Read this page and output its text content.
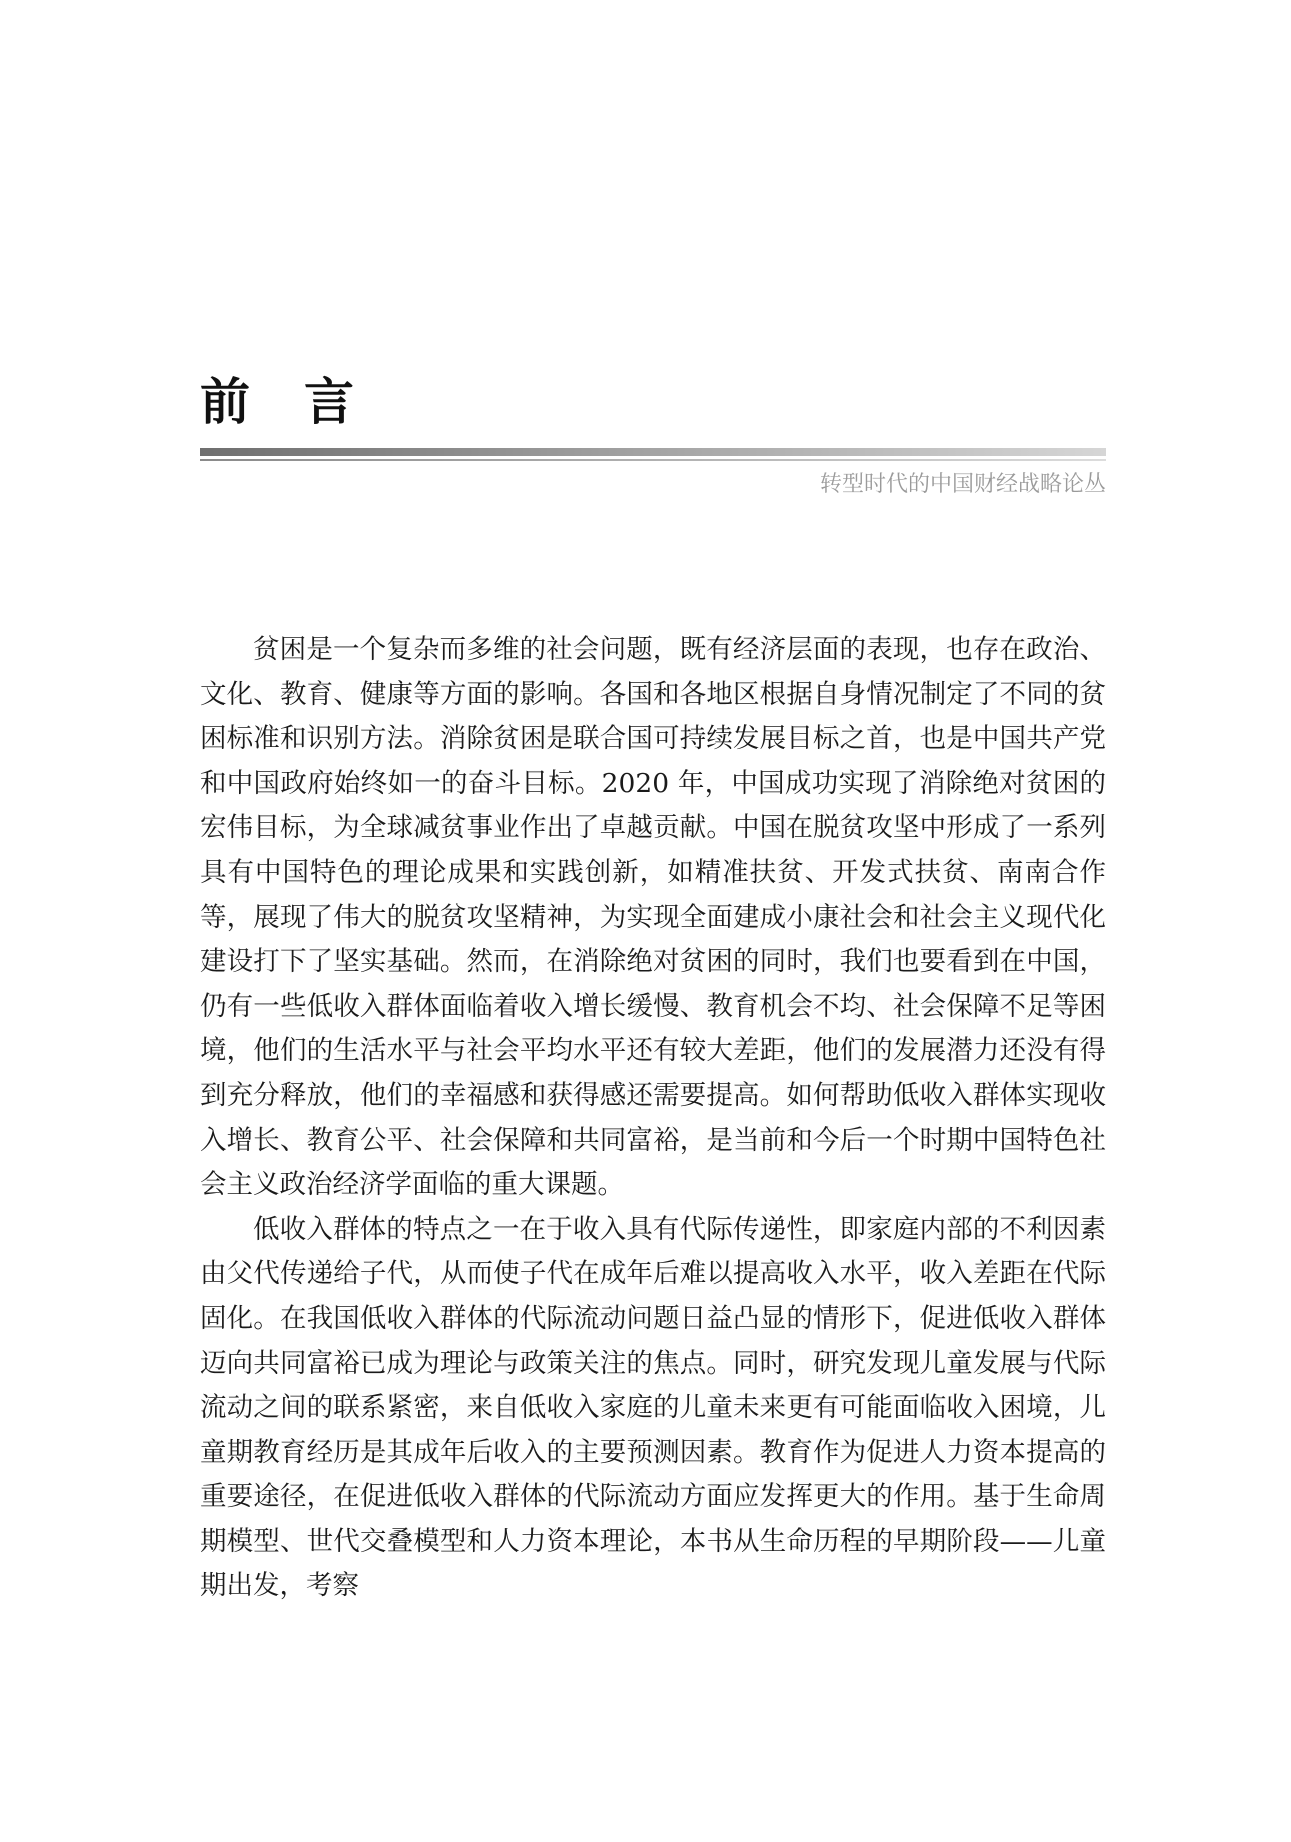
前言
转型时代的中国财经战略论丛

贫困是一个复杂而多维的社会问题，既有经济层面的表现，也存在政治、文化、教育、健康等方面的影响。各国和各地区根据自身情况制定了不同的贫困标准和识别方法。消除贫困是联合国可持续发展目标之首，也是中国共产党和中国政府始终如一的奋斗目标。2020 年，中国成功实现了消除绝对贫困的宏伟目标，为全球减贫事业作出了卓越贡献。中国在脱贫攻坚中形成了一系列具有中国特色的理论成果和实践创新，如精准扶贫、开发式扶贫、南南合作等，展现了伟大的脱贫攻坚精神，为实现全面建成小康社会和社会主义现代化建设打下了坚实基础。然而，在消除绝对贫困的同时，我们也要看到在中国，仍有一些低收入群体面临着收入增长缓慢、教育机会不均、社会保障不足等困境，他们的生活水平与社会平均水平还有较大差距，他们的发展潜力还没有得到充分释放，他们的幸福感和获得感还需要提高。如何帮助低收入群体实现收入增长、教育公平、社会保障和共同富裕，是当前和今后一个时期中国特色社会主义政治经济学面临的重大课题。

低收入群体的特点之一在于收入具有代际传递性，即家庭内部的不利因素由父代传递给子代，从而使子代在成年后难以提高收入水平，收入差距在代际固化。在我国低收入群体的代际流动问题日益凸显的情形下，促进低收入群体迈向共同富裕已成为理论与政策关注的焦点。同时，研究发现儿童发展与代际流动之间的联系紧密，来自低收入家庭的儿童未来更有可能面临收入困境，儿童期教育经历是其成年后收入的主要预测因素。教育作为促进人力资本提高的重要途径，在促进低收入群体的代际流动方面应发挥更大的作用。基于生命周期模型、世代交叠模型和人力资本理论，本书从生命历程的早期阶段——儿童期出发，考察
